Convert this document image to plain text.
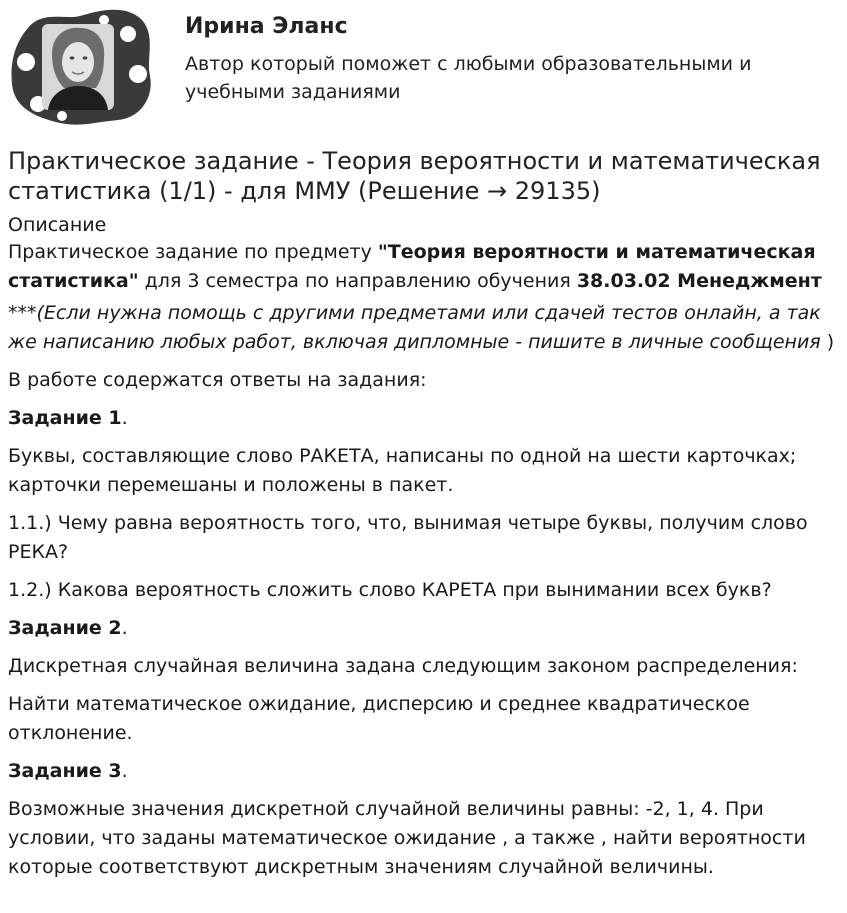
Ирина Эланс
Автор который поможет с любыми образовательными и учебными заданиями
Практическое задание - Теория вероятности и математическая статистика (1/1) - для ММУ (Решение → 29135)
Описание

Практическое задание по предмету "Теория вероятности и математическая статистика" для 3 семестра по направлению обучения 38.03.02 Менеджмент

***(Если нужна помощь с другими предметами или сдачей тестов онлайн, а так же написанию любых работ, включая дипломные - пишите в личные сообщения )

В работе содержатся ответы на задания:

Задание 1.

Буквы, составляющие слово РАКЕТА, написаны по одной на шести карточках; карточки перемешаны и положены в пакет.

1.1.) Чему равна вероятность того, что, вынимая четыре буквы, получим слово РЕКА?

1.2.) Какова вероятность сложить слово КАРЕТА при вынимании всех букв?

Задание 2.

Дискретная случайная величина задана следующим законом распределения:

Найти математическое ожидание, дисперсию и среднее квадратическое отклонение.

Задание 3.

Возможные значения дискретной случайной величины равны: -2, 1, 4. При условии, что заданы математическое ожидание , а также , найти вероятности которые соответствуют дискретным значениям случайной величины.
